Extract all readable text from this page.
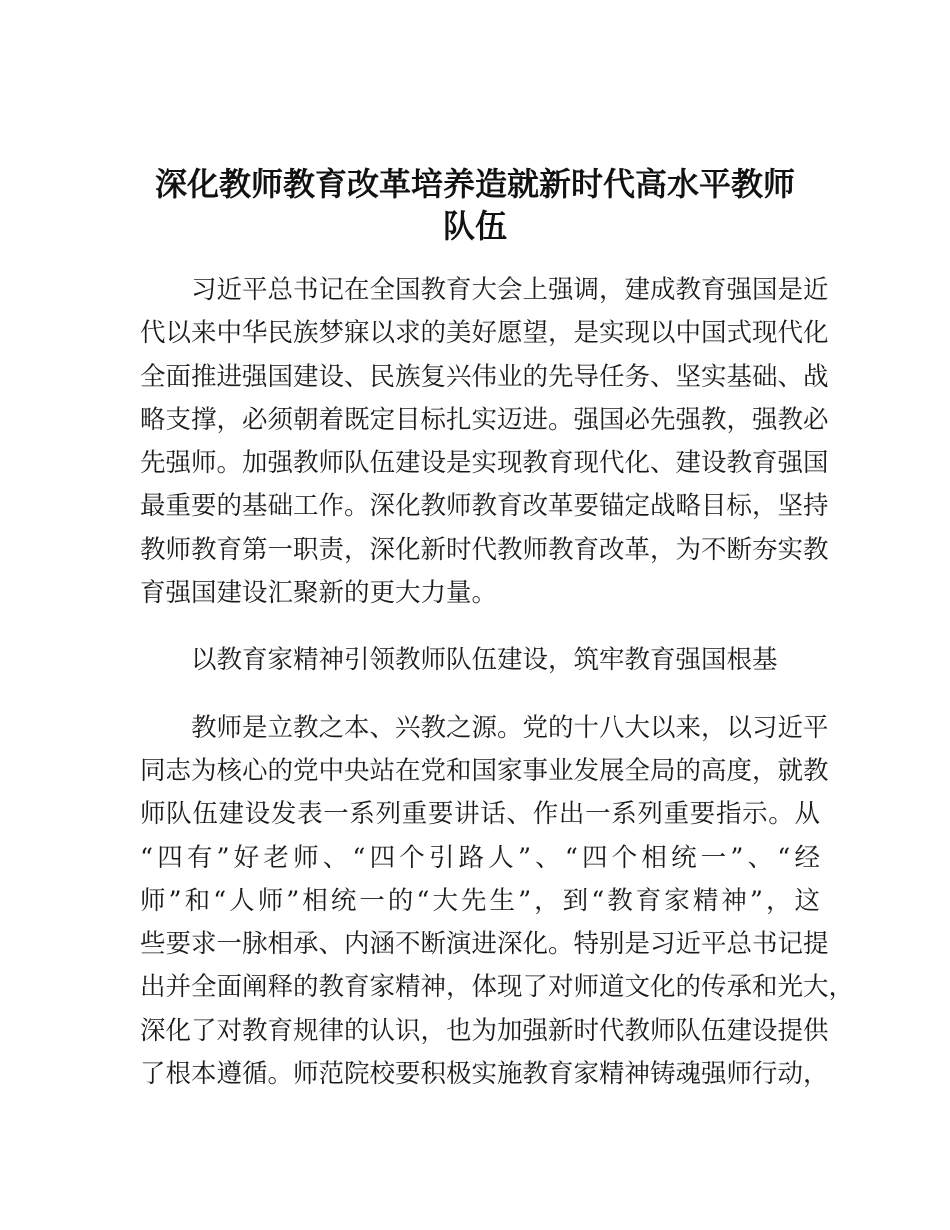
深化教师教育改革培养造就新时代高水平教师
队伍
习近平总书记在全国教育大会上强调，建成教育强国是近
代以来中华民族梦寐以求的美好愿望，是实现以中国式现代化
全面推进强国建设、民族复兴伟业的先导任务、坚实基础、战
略支撑，必须朝着既定目标扎实迈进。强国必先强教，强教必
先强师。加强教师队伍建设是实现教育现代化、建设教育强国
最重要的基础工作。深化教师教育改革要锚定战略目标，坚持
教师教育第一职责，深化新时代教师教育改革，为不断夯实教
育强国建设汇聚新的更大力量。
以教育家精神引领教师队伍建设，筑牢教育强国根基
教师是立教之本、兴教之源。党的十八大以来，以习近平
同志为核心的党中央站在党和国家事业发展全局的高度，就教
师队伍建设发表一系列重要讲话、作出一系列重要指示。从
“四有”好老师、“四个引路人”、“四个相统一”、“经
师”和“人师”相统一的“大先生”，到“教育家精神”，这
些要求一脉相承、内涵不断演进深化。特别是习近平总书记提
出并全面阐释的教育家精神，体现了对师道文化的传承和光大，
深化了对教育规律的认识，也为加强新时代教师队伍建设提供
了根本遵循。师范院校要积极实施教育家精神铸魂强师行动，
